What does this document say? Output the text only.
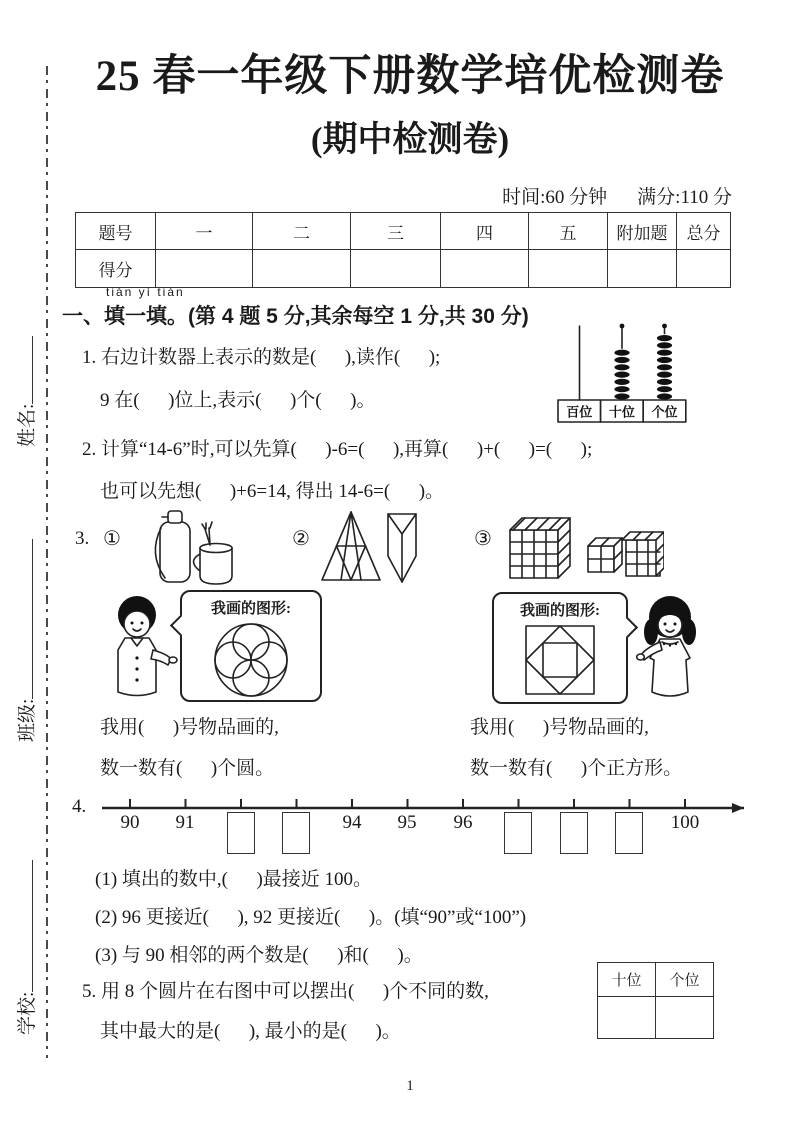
姓名:
班级:
学校:
25 春一年级下册数学培优检测卷
(期中检测卷)
时间:60 分钟 满分:110 分
题号	一	二	三	四	五	附加题	总分
得分							
一、
tián yì tián
填一填。(第 4 题 5 分,其余每空 1 分,共 30 分)
1. 右边计数器上表示的数是(      ),读作(      );
9 在(      )位上,表示(      )个(      )。
百位 十位 个位
2. 计算“14-6”时,可以先算(      )-6=(      ),再算(      )+(      )=(      );
也可以先想(      )+6=14, 得出 14-6=(      )。
3. ①	②	③
我画的图形:	我画的图形:
我用(      )号物品画的,
数一数有(      )个圆。
我用(      )号物品画的,
数一数有(      )个正方形。
4.
90	91	94	95	96	100
(1) 填出的数中,(      )最接近 100。
(2) 96 更接近(      ), 92 更接近(      )。(填“90”或“100”)
(3) 与 90 相邻的两个数是(      )和(      )。
5. 用 8 个圆片在右图中可以摆出(      )个不同的数,
其中最大的是(      ), 最小的是(      )。
十位	个位

1
